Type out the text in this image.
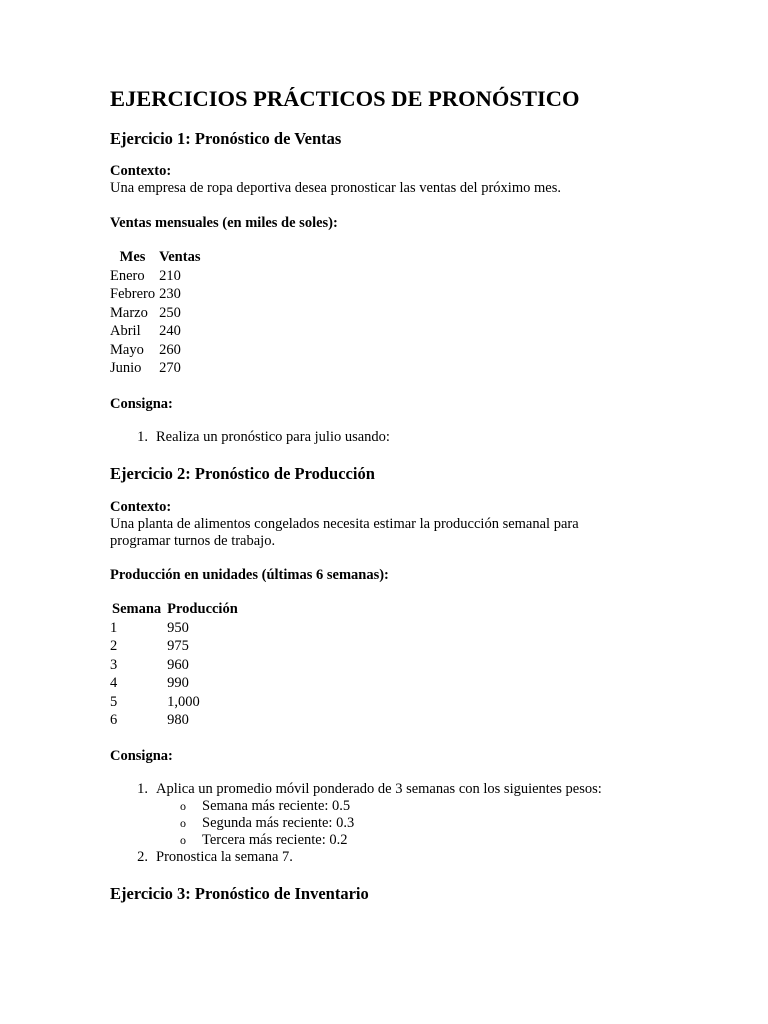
EJERCICIOS PRÁCTICOS DE PRONÓSTICO
Ejercicio 1: Pronóstico de Ventas

Contexto:

Una empresa de ropa deportiva desea pronosticar las ventas del próximo mes.

Ventas mensuales (en miles de soles):

Mes	Ventas
Enero	210
Febrero	230
Marzo	250
Abril	240
Mayo	260
Junio	270

Consigna:

1. Realiza un pronóstico para julio usando:
Ejercicio 2: Pronóstico de Producción

Contexto:

Una planta de alimentos congelados necesita estimar la producción semanal para

programar turnos de trabajo.

Producción en unidades (últimas 6 semanas):

Semana	Producción
1	950
2	975
3	960
4	990
5	1,000
6	980

Consigna:

1. Aplica un promedio móvil ponderado de 3 semanas con los siguientes pesos:
o Semana más reciente: 0.5
o Segunda más reciente: 0.3
o Tercera más reciente: 0.2
2. Pronostica la semana 7.
Ejercicio 3: Pronóstico de Inventario
